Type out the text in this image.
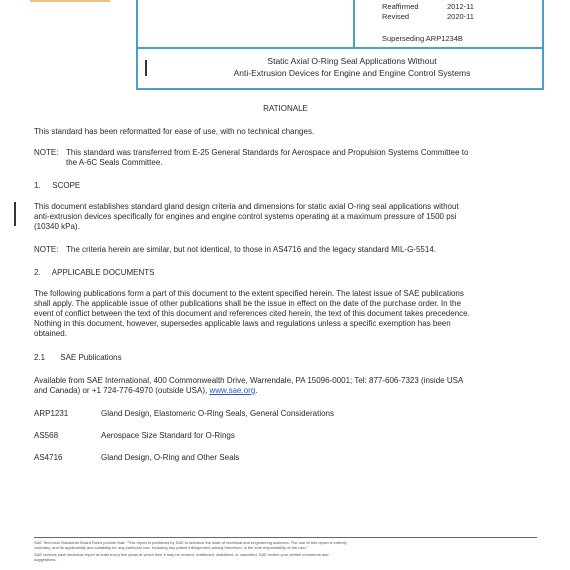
Reaffirmed	2012-11
Revised	2020-11
Superseding ARP1234B
Static Axial O-Ring Seal Applications Without
Anti-Extrusion Devices for Engine and Engine Control Systems
RATIONALE
This standard has been reformatted for ease of use, with no technical changes.
NOTE: This standard was transferred from E-25 General Standards for Aerospace and Propulsion Systems Committee to
the A-6C Seals Committee.
1. SCOPE
This document establishes standard gland design criteria and dimensions for static axial O-ring seal applications without
anti-extrusion devices specifically for engines and engine control systems operating at a maximum pressure of 1500 psi
(10340 kPa).
NOTE: The criteria herein are similar, but not identical, to those in AS4716 and the legacy standard MIL-G-5514.
2. APPLICABLE DOCUMENTS
The following publications form a part of this document to the extent specified herein. The latest issue of SAE publications
shall apply. The applicable issue of other publications shall be the issue in effect on the date of the purchase order. In the
event of conflict between the text of this document and references cited herein, the text of this document takes precedence.
Nothing in this document, however, supersedes applicable laws and regulations unless a specific exemption has been
obtained.
2.1 SAE Publications
Available from SAE International, 400 Commonwealth Drive, Warrendale, PA 15096-0001; Tel: 877-606-7323 (inside USA
and Canada) or +1 724-776-4970 (outside USA), www.sae.org.
ARP1231	Gland Design, Elastomeric O-Ring Seals, General Considerations
AS568	Aerospace Size Standard for O-Rings
AS4716	Gland Design, O-Ring and Other Seals
SAE Technical Standards Board Rules provide that: "This report is published by SAE to advance the state of technical and engineering sciences. The use of this report is entirely
voluntary, and its applicability and suitability for any particular use, including any patent infringement arising therefrom, is the sole responsibility of the user."
SAE reviews each technical report at least every five years at which time it may be revised, reaffirmed, stabilized, or cancelled. SAE invites your written comments and
suggestions.
